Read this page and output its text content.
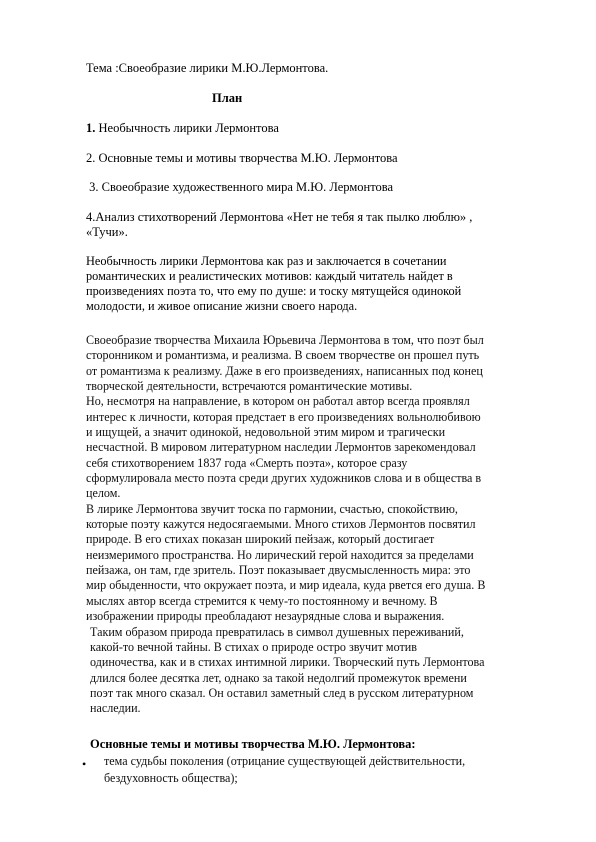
Тема :Своеобразие лирики М.Ю.Лермонтова.
План
1. Необычность лирики Лермонтова
2. Основные темы и мотивы творчества М.Ю. Лермонтова
3. Своеобразие художественного мира М.Ю. Лермонтова
4.Анализ стихотворений Лермонтова «Нет не тебя я так пылко люблю» ,
«Тучи».
Необычность лирики Лермонтова как раз и заключается в сочетании
романтических и реалистических мотивов: каждый читатель найдет в
произведениях поэта то, что ему по душе: и тоску мятущейся одинокой
молодости, и живое описание жизни своего народа.
Своеобразие творчества Михаила Юрьевича Лермонтова в том, что поэт был
сторонником и романтизма, и реализма. В своем творчестве он прошел путь
от романтизма к реализму. Даже в его произведениях, написанных под конец
творческой деятельности, встречаются романтические мотивы.
Но, несмотря на направление, в котором он работал автор всегда проявлял
интерес к личности, которая предстает в его произведениях вольнолюбивою
и ищущей, а значит одинокой, недовольной этим миром и трагически
несчастной. В мировом литературном наследии Лермонтов зарекомендовал
себя стихотворением 1837 года «Смерть поэта», которое сразу
сформулировала место поэта среди других художников слова и в общества в
целом.
В лирике Лермонтова звучит тоска по гармонии, счастью, спокойствию,
которые поэту кажутся недосягаемыми. Много стихов Лермонтов посвятил
природе. В его стихах показан широкий пейзаж, который достигает
неизмеримого пространства. Но лирический герой находится за пределами
пейзажа, он там, где зритель. Поэт показывает двусмысленность мира: это
мир обыденности, что окружает поэта, и мир идеала, куда рвется его душа. В
мыслях автор всегда стремится к чему-то постоянному и вечному. В
изображении природы преобладают незаурядные слова и выражения.
Таким образом природа превратилась в символ душевных переживаний,
какой-то вечной тайны. В стихах о природе остро звучит мотив
одиночества, как и в стихах интимной лирики. Творческий путь Лермонтова
длился более десятка лет, однако за такой недолгий промежуток времени
поэт так много сказал. Он оставил заметный след в русском литературном
наследии.
Основные темы и мотивы творчества М.Ю. Лермонтова:
• тема судьбы поколения (отрицание существующей действительности,
бездуховность общества);
